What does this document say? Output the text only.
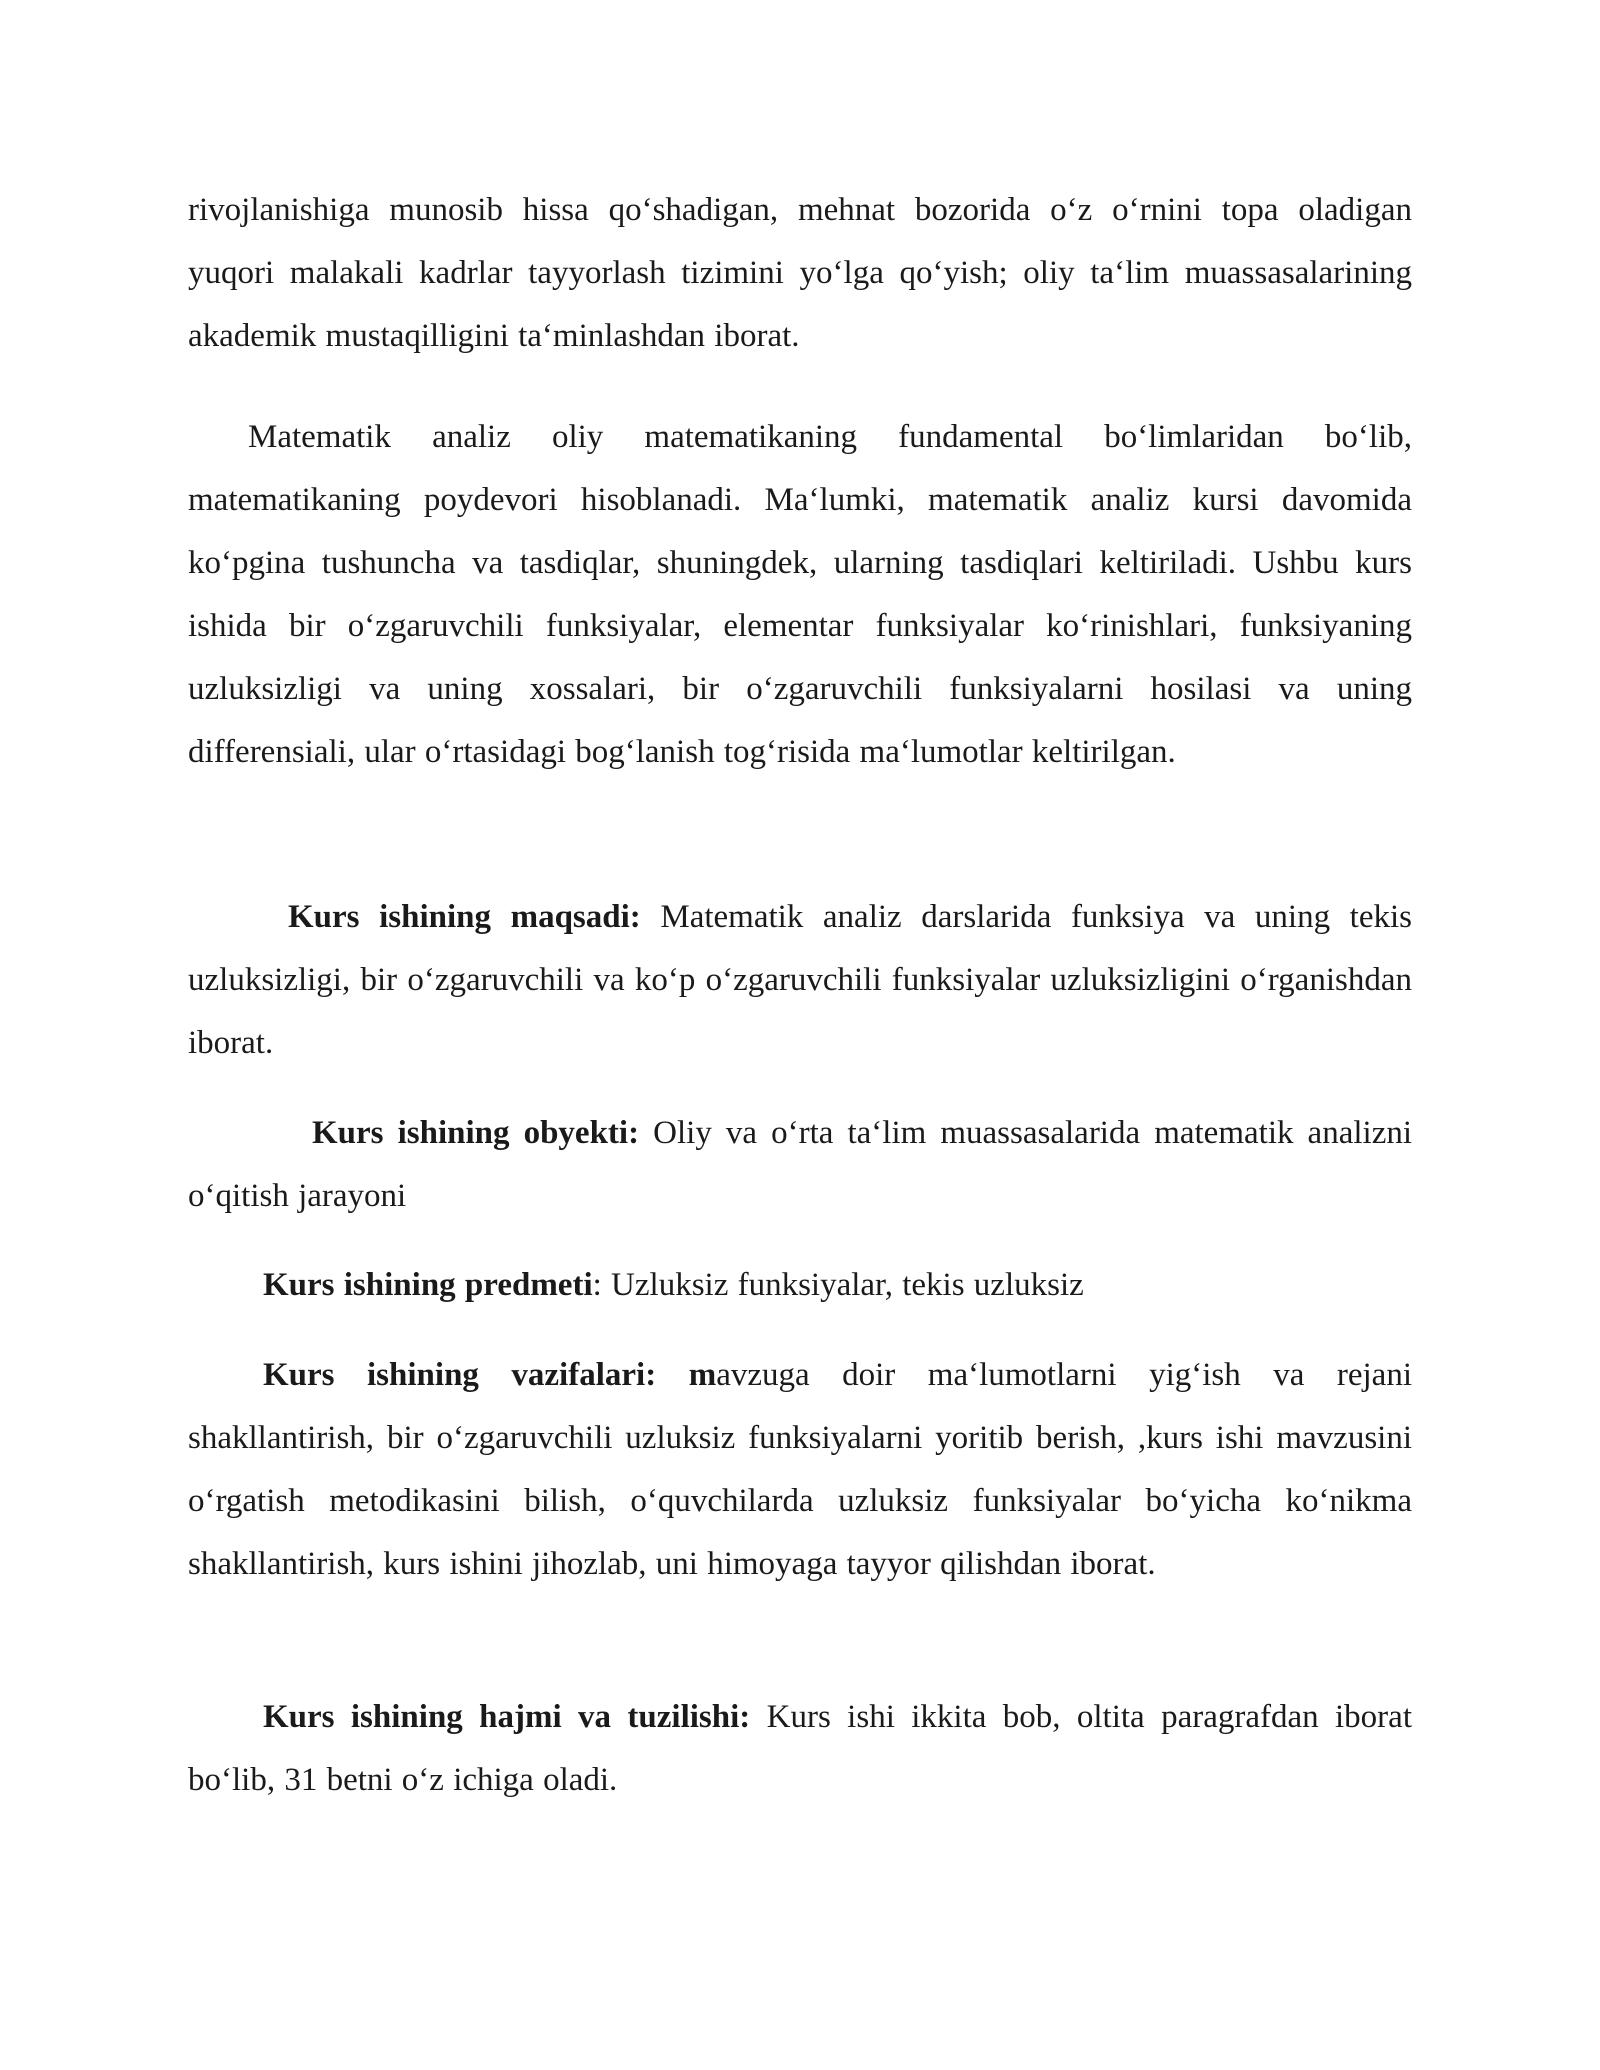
rivojlanishiga munosib hissa qo‘shadigan, mehnat bozorida o‘z o‘rnini topa oladigan yuqori malakali kadrlar tayyorlash tizimini yo‘lga qo‘yish; oliy ta‘lim muassasalarining akademik mustaqilligini ta‘minlashdan iborat.

Matematik analiz oliy matematikaning fundamental bo‘limlaridan bo‘lib, matematikaning poydevori hisoblanadi. Ma‘lumki, matematik analiz kursi davomida ko‘pgina tushuncha va tasdiqlar, shuningdek, ularning tasdiqlari keltiriladi. Ushbu kurs ishida bir o‘zgaruvchili funksiyalar, elementar funksiyalar ko‘rinishlari, funksiyaning uzluksizligi va uning xossalari, bir o‘zgaruvchili funksiyalarni hosilasi va uning differensiali, ular o‘rtasidagi bog‘lanish tog‘risida ma‘lumotlar keltirilgan.

Kurs ishining maqsadi: Matematik analiz darslarida funksiya va uning tekis uzluksizligi, bir o‘zgaruvchili va ko‘p o‘zgaruvchili funksiyalar uzluksizligini o‘rganishdan iborat.

Kurs ishining obyekti: Oliy va o‘rta ta‘lim muassasalarida matematik analizni o‘qitish jarayoni

Kurs ishining predmeti: Uzluksiz funksiyalar, tekis uzluksiz

Kurs ishining vazifalari: mavzuga doir ma‘lumotlarni yig‘ish va rejani shakllantirish, bir o‘zgaruvchili uzluksiz funksiyalarni yoritib berish, ,kurs ishi mavzusini o‘rgatish metodikasini bilish, o‘quvchilarda uzluksiz funksiyalar bo‘yicha ko‘nikma shakllantirish, kurs ishini jihozlab, uni himoyaga tayyor qilishdan iborat.

Kurs ishining hajmi va tuzilishi: Kurs ishi ikkita bob, oltita paragrafdan iborat bo‘lib, 31 betni o‘z ichiga oladi.
